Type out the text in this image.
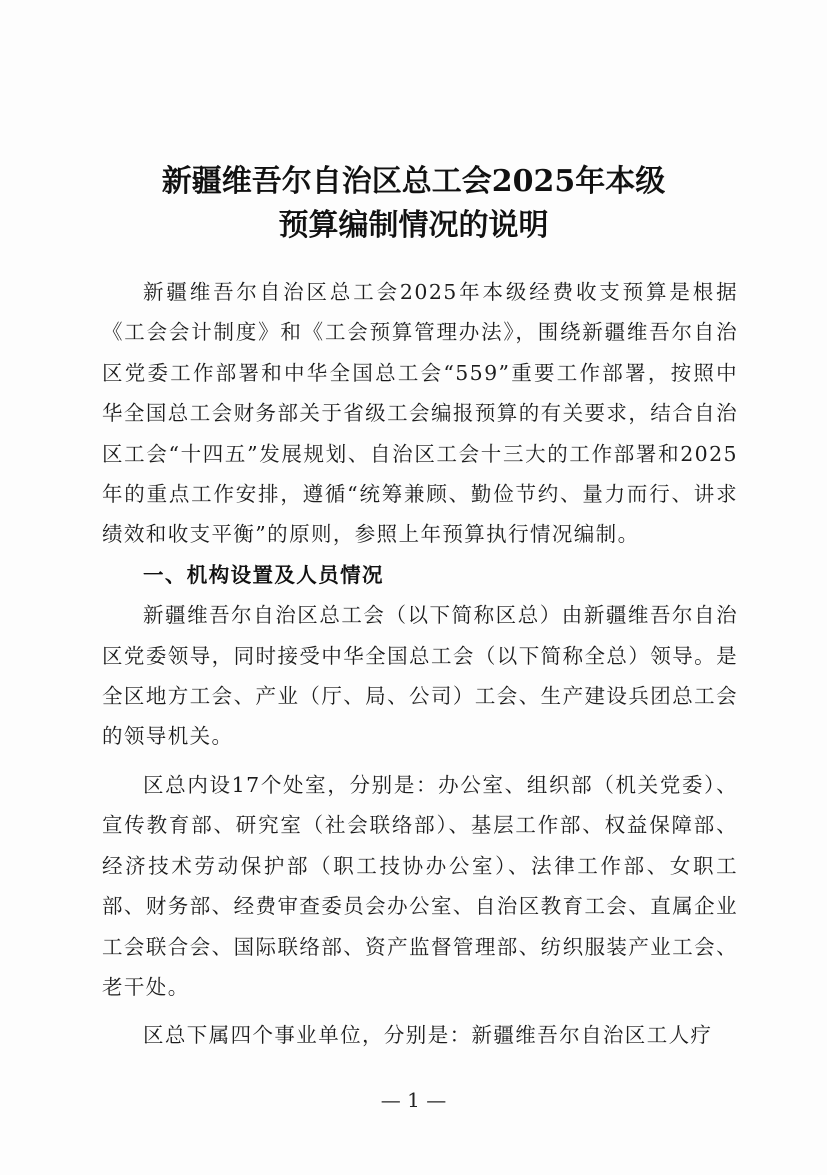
新疆维吾尔自治区总工会2025年本级
预算编制情况的说明

新疆维吾尔自治区总工会2025年本级经费收支预算是根据《工会会计制度》和《工会预算管理办法》，围绕新疆维吾尔自治区党委工作部署和中华全国总工会“559”重要工作部署，按照中华全国总工会财务部关于省级工会编报预算的有关要求，结合自治区工会“十四五”发展规划、自治区工会十三大的工作部署和2025年的重点工作安排，遵循“统筹兼顾、勤俭节约、量力而行、讲求绩效和收支平衡”的原则，参照上年预算执行情况编制。

一、机构设置及人员情况

新疆维吾尔自治区总工会（以下简称区总）由新疆维吾尔自治区党委领导，同时接受中华全国总工会（以下简称全总）领导。是全区地方工会、产业（厅、局、公司）工会、生产建设兵团总工会的领导机关。

区总内设17个处室，分别是：办公室、组织部（机关党委）、宣传教育部、研究室（社会联络部）、基层工作部、权益保障部、经济技术劳动保护部（职工技协办公室）、法律工作部、女职工部、财务部、经费审查委员会办公室、自治区教育工会、直属企业工会联合会、国际联络部、资产监督管理部、纺织服装产业工会、老干处。

区总下属四个事业单位，分别是：新疆维吾尔自治区工人疗

— 1 —
